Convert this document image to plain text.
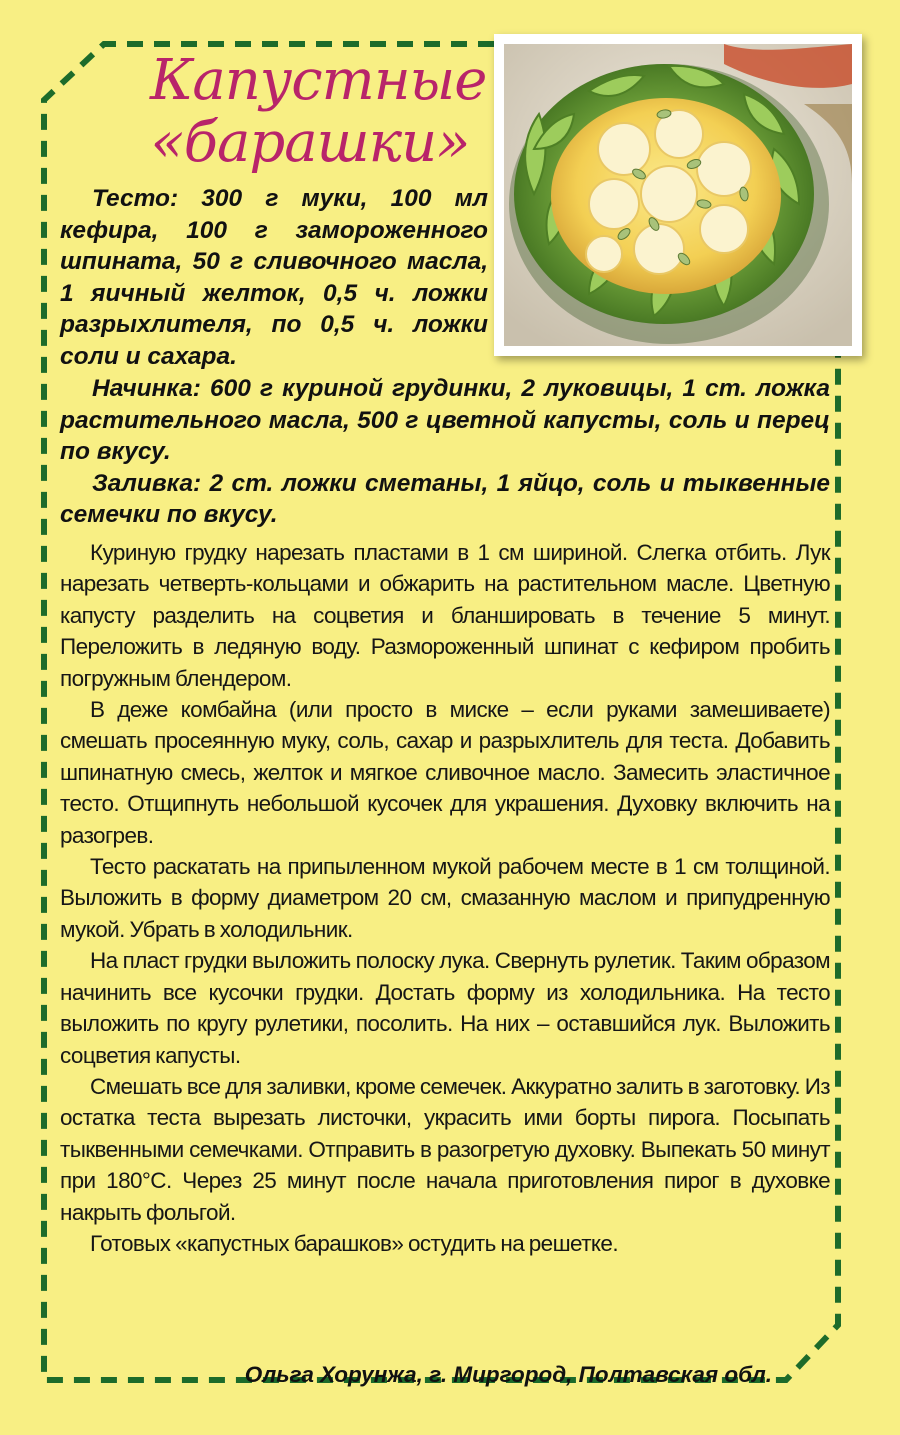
Капустные
«барашки»

Тесто: 300 г муки, 100 мл кефира, 100 г замороженного шпината, 50 г сливочного масла, 1 яичный желток, 0,5 ч. ложки разрыхлителя, по 0,5 ч. ложки соли и сахара.

Начинка: 600 г куриной грудинки, 2 луковицы, 1 ст. ложка растительного масла, 500 г цветной капусты, соль и перец по вкусу.

Заливка: 2 ст. ложки сметаны, 1 яйцо, соль и тыквенные семечки по вкусу.

Куриную грудку нарезать пластами в 1 см шириной. Слегка отбить. Лук нарезать четверть-кольцами и обжарить на растительном масле. Цветную капусту разделить на соцветия и бланшировать в течение 5 минут. Переложить в ледяную воду. Размороженный шпинат с кефиром пробить погружным блендером.

В деже комбайна (или просто в миске – если руками замешиваете) смешать просеянную муку, соль, сахар и разрыхлитель для теста. Добавить шпинатную смесь, желток и мягкое сливочное масло. Замесить эластичное тесто. Отщипнуть небольшой кусочек для украшения. Духовку включить на разогрев.

Тесто раскатать на припыленном мукой рабочем месте в 1 см толщиной. Выложить в форму диаметром 20 см, смазанную маслом и припудренную мукой. Убрать в холодильник.

На пласт грудки выложить полоску лука. Свернуть рулетик. Таким образом начинить все кусочки грудки. Достать форму из холодильника. На тесто выложить по кругу рулетики, посолить. На них – оставшийся лук. Выложить соцветия капусты.

Смешать все для заливки, кроме семечек. Аккуратно залить в заготовку. Из остатка теста вырезать листочки, украсить ими борты пирога. Посыпать тыквенными семечками. Отправить в разогретую духовку. Выпекать 50 минут при 180°С. Через 25 минут после начала приготовления пирог в духовке накрыть фольгой.

Готовых «капустных барашков» остудить на решетке.

Ольга Хорунжа, г. Миргород, Полтавская обл.
